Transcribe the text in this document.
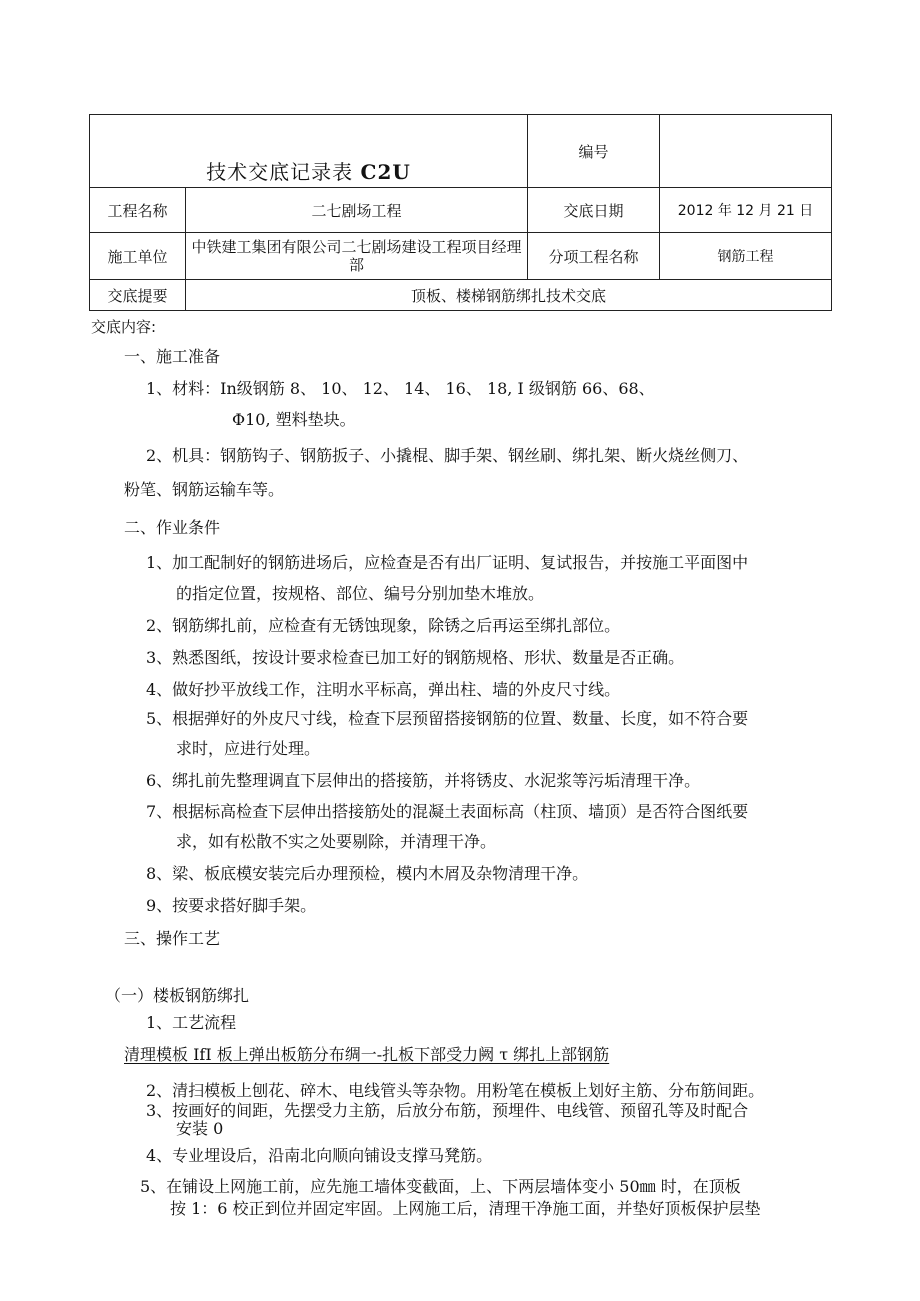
技术交底记录表 C2U		编号	
工程名称	二七剧场工程	交底日期	2012 年 12 月 21 日
施工单位	中铁建工集团有限公司二七剧场建设工程项目经理部	分项工程名称	钢筋工程
交底提要	顶板、楼梯钢筋绑扎技术交底		
交底内容:
一、施工准备
1、材料：In级钢筋 8、 10、 12、 14、 16、 18, I 级钢筋 66、68、
Φ10, 塑料垫块。
2、机具：钢筋钩子、钢筋扳子、小撬棍、脚手架、钢丝刷、绑扎架、断火烧丝侧刀、
粉笔、钢筋运输车等。
二、作业条件
1、加工配制好的钢筋进场后，应检查是否有出厂证明、复试报告，并按施工平面图中
的指定位置，按规格、部位、编号分别加垫木堆放。
2、钢筋绑扎前，应检查有无锈蚀现象，除锈之后再运至绑扎部位。
3、熟悉图纸，按设计要求检查已加工好的钢筋规格、形状、数量是否正确。
4、做好抄平放线工作，注明水平标高，弹出柱、墙的外皮尺寸线。
5、根据弹好的外皮尺寸线，检查下层预留搭接钢筋的位置、数量、长度，如不符合要
求时，应进行处理。
6、绑扎前先整理调直下层伸出的搭接筋，并将锈皮、水泥浆等污垢清理干净。
7、根据标高检查下层伸出搭接筋处的混凝土表面标高（柱顶、墙顶）是否符合图纸要
求，如有松散不实之处要剔除，并清理干净。
8、梁、板底模安装完后办理预检，模内木屑及杂物清理干净。
9、按要求搭好脚手架。
三、操作工艺
（一）楼板钢筋绑扎
1、工艺流程
清理模板 IfI 板上弹出板筋分布绸一-扎板下部受力阙 τ 绑扎上部钢筋
2、清扫模板上刨花、碎木、电线管头等杂物。用粉笔在模板上划好主筋、分布筋间距。
3、按画好的间距，先摆受力主筋，后放分布筋，预埋件、电线管、预留孔等及时配合
安装 0
4、专业埋设后，沿南北向顺向铺设支撑马凳筋。
5、在铺设上网施工前，应先施工墙体变截面，上、下两层墙体变小 50㎜ 时，在顶板
按 1：6 校正到位并固定牢固。上网施工后，清理干净施工面，并垫好顶板保护层垫
